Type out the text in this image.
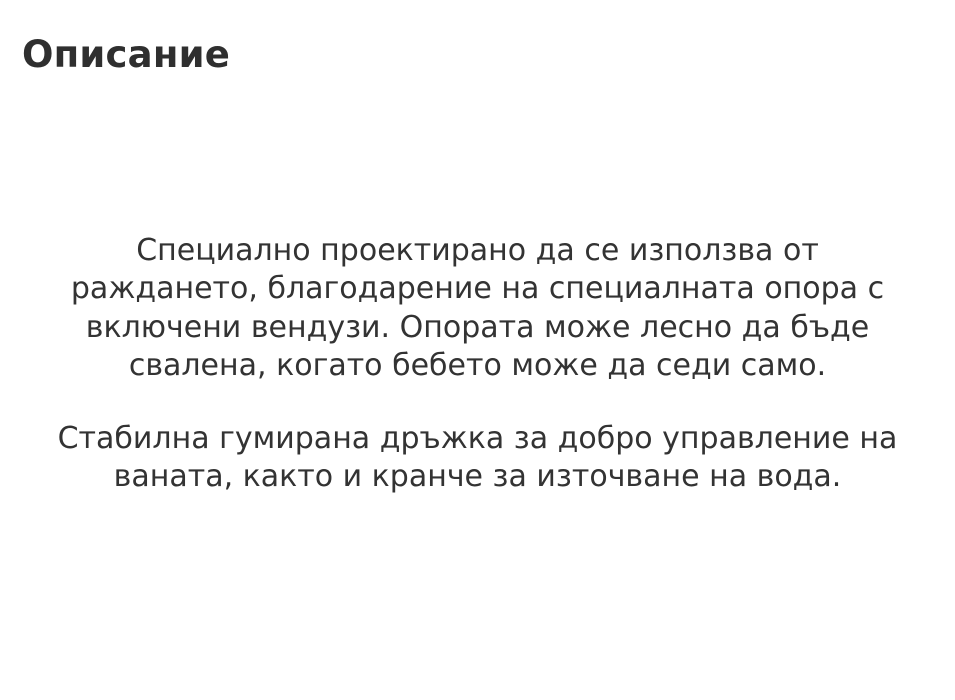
Описание

Специално проектирано да се използва от раждането, благодарение на специалната опора с включени вендузи. Опората може лесно да бъде свалена, когато бебето може да седи само.

Стабилна гумирана дръжка за добро управление на ваната, както и кранче за източване на вода.
